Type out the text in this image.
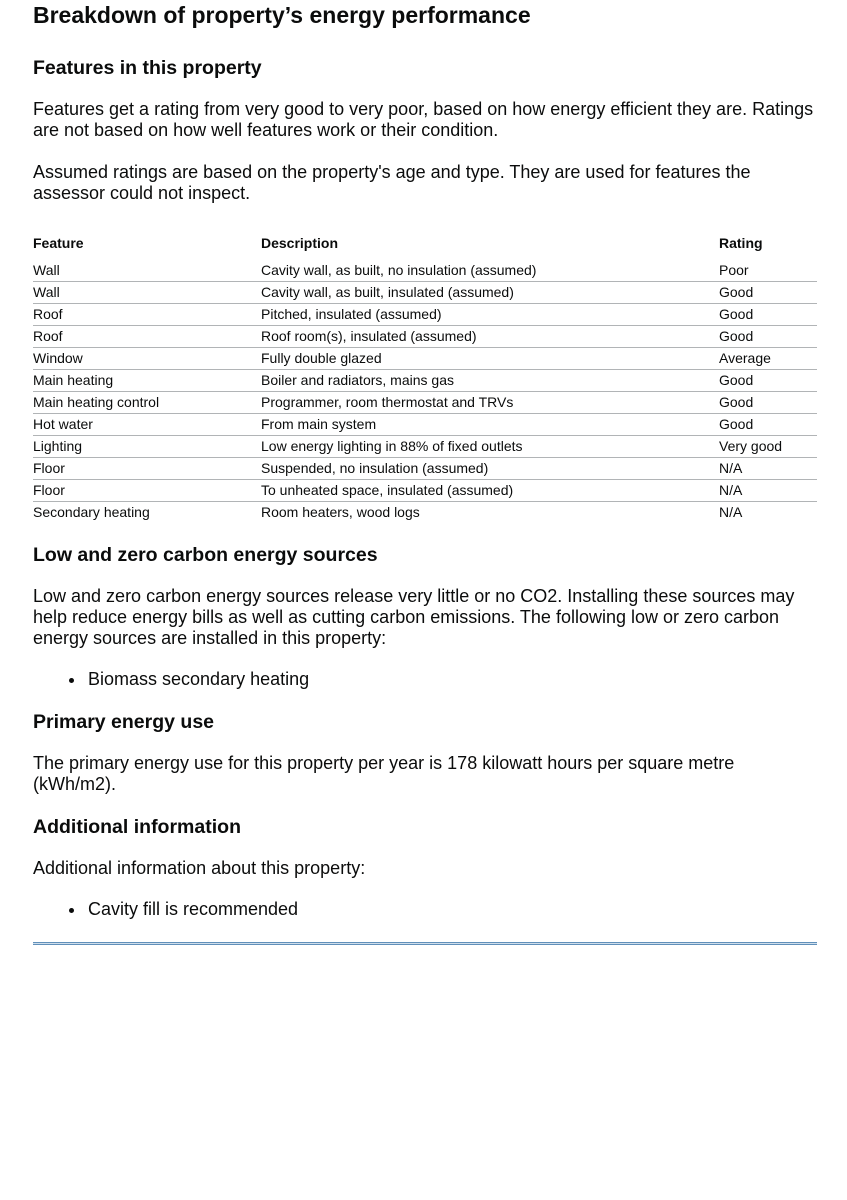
Breakdown of property’s energy performance
Features in this property

Features get a rating from very good to very poor, based on how energy efficient they are. Ratings are not based on how well features work or their condition.

Assumed ratings are based on the property's age and type. They are used for features the assessor could not inspect.

Feature	Description	Rating
Wall	Cavity wall, as built, no insulation (assumed)	Poor
Wall	Cavity wall, as built, insulated (assumed)	Good
Roof	Pitched, insulated (assumed)	Good
Roof	Roof room(s), insulated (assumed)	Good
Window	Fully double glazed	Average
Main heating	Boiler and radiators, mains gas	Good
Main heating control	Programmer, room thermostat and TRVs	Good
Hot water	From main system	Good
Lighting	Low energy lighting in 88% of fixed outlets	Very good
Floor	Suspended, no insulation (assumed)	N/A
Floor	To unheated space, insulated (assumed)	N/A
Secondary heating	Room heaters, wood logs	N/A
Low and zero carbon energy sources

Low and zero carbon energy sources release very little or no CO2. Installing these sources may help reduce energy bills as well as cutting carbon emissions. The following low or zero carbon energy sources are installed in this property:

• Biomass secondary heating
Primary energy use

The primary energy use for this property per year is 178 kilowatt hours per square metre (kWh/m2).

Additional information

Additional information about this property:

• Cavity fill is recommended
